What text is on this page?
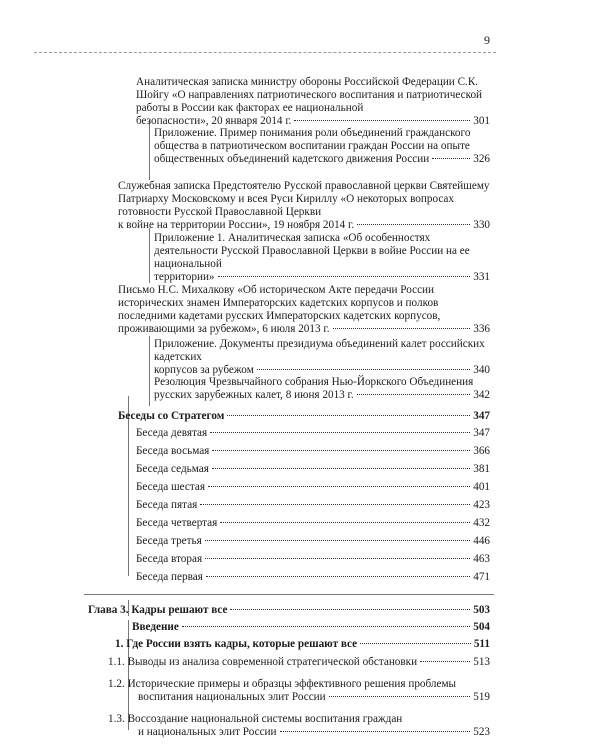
9
Аналитическая записка министру обороны Российской Федерации С.К. Шойгу «О направлениях патриотического воспитания и патриотической работы в России как факторах ее национальной
безопасности», 20 января 2014 г.	301
Приложение. Пример понимания роли объединений гражданского общества в патриотическом воспитании граждан России на опыте
общественных объединений кадетского движения России	326
Служебная записка Предстоятелю Русской православной церкви Святейшему Патриарху Московскому и всея Руси Кириллу «О некоторых вопросах готовности Русской Православной Церкви
к войне на территории России», 19 ноября 2014 г.	330
Приложение 1. Аналитическая записка «Об особенностях деятельности Русской Православной Церкви в войне России на ее национальной
территории»	331
Письмо Н.С. Михалкову «Об историческом Акте передачи России исторических знамен Императорских кадетских корпусов и полков последними кадетами русских Императорских кадетских корпусов,
проживающими за рубежом», 6 июля 2013 г.	336
Приложение. Документы президиума объединений калет российских кадетских
корпусов за рубежом	340
Резолюция Чрезвычайного собрания Нью-Йоркского Объединения
русских зарубежных калет, 8 июня 2013 г.	342
Беседы со Стратегом	347
Беседа девятая	347
Беседа восьмая	366
Беседа седьмая	381
Беседа шестая	401
Беседа пятая	423
Беседа четвертая	432
Беседа третья	446
Беседа вторая	463
Беседа первая	471
Глава 3. Кадры решают все	503
Введение	504
1. Где России взять кадры, которые решают все	511
1.1. Выводы из анализа современной стратегической обстановки	513
1.2. Исторические примеры и образцы эффективного решения проблемы
воспитания национальных элит России	519
1.3. Воссоздание национальной системы воспитания граждан
и национальных элит России	523
